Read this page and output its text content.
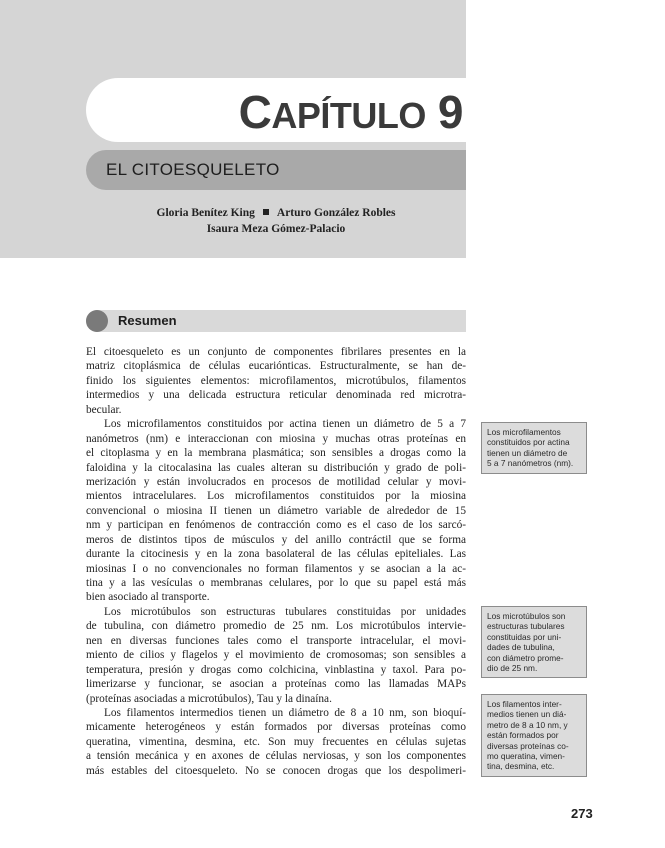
CAPÍTULO 9
EL CITOESQUELETO
Gloria Benítez King Arturo González Robles
Isaura Meza Gómez-Palacio
Resumen
El citoesqueleto es un conjunto de componentes fibrilares presentes en la
matriz citoplásmica de células eucariónticas. Estructuralmente, se han de-
finido los siguientes elementos: microfilamentos, microtúbulos, filamentos
intermedios y una delicada estructura reticular denominada red microtra-
becular.
Los microfilamentos constituidos por actina tienen un diámetro de 5 a 7
nanómetros (nm) e interaccionan con miosina y muchas otras proteínas en
el citoplasma y en la membrana plasmática; son sensibles a drogas como la
faloidina y la citocalasina las cuales alteran su distribución y grado de poli-
merización y están involucrados en procesos de motilidad celular y movi-
mientos intracelulares. Los microfilamentos constituidos por la miosina
convencional o miosina II tienen un diámetro variable de alrededor de 15
nm y participan en fenómenos de contracción como es el caso de los sarcó-
meros de distintos tipos de músculos y del anillo contráctil que se forma
durante la citocinesis y en la zona basolateral de las células epiteliales. Las
miosinas I o no convencionales no forman filamentos y se asocian a la ac-
tina y a las vesículas o membranas celulares, por lo que su papel está más
bien asociado al transporte.
Los microtúbulos son estructuras tubulares constituidas por unidades
de tubulina, con diámetro promedio de 25 nm. Los microtúbulos intervie-
nen en diversas funciones tales como el transporte intracelular, el movi-
miento de cilios y flagelos y el movimiento de cromosomas; son sensibles a
temperatura, presión y drogas como colchicina, vinblastina y taxol. Para po-
limerizarse y funcionar, se asocian a proteínas como las llamadas MAPs
(proteínas asociadas a microtúbulos), Tau y la dinaína.
Los filamentos intermedios tienen un diámetro de 8 a 10 nm, son bioquí-
micamente heterogéneos y están formados por diversas proteínas como
queratina, vimentina, desmina, etc. Son muy frecuentes en células sujetas
a tensión mecánica y en axones de células nerviosas, y son los componentes
más estables del citoesqueleto. No se conocen drogas que los despolimeri-
Los microfilamentos
constituidos por actina
tienen un diámetro de
5 a 7 nanómetros (nm).
Los microtúbulos son
estructuras tubulares
constituidas por uni-
dades de tubulina,
con diámetro prome-
dio de 25 nm.
Los filamentos inter-
medios tienen un diá-
metro de 8 a 10 nm, y
están formados por
diversas proteínas co-
mo queratina, vimen-
tina, desmina, etc.
273
